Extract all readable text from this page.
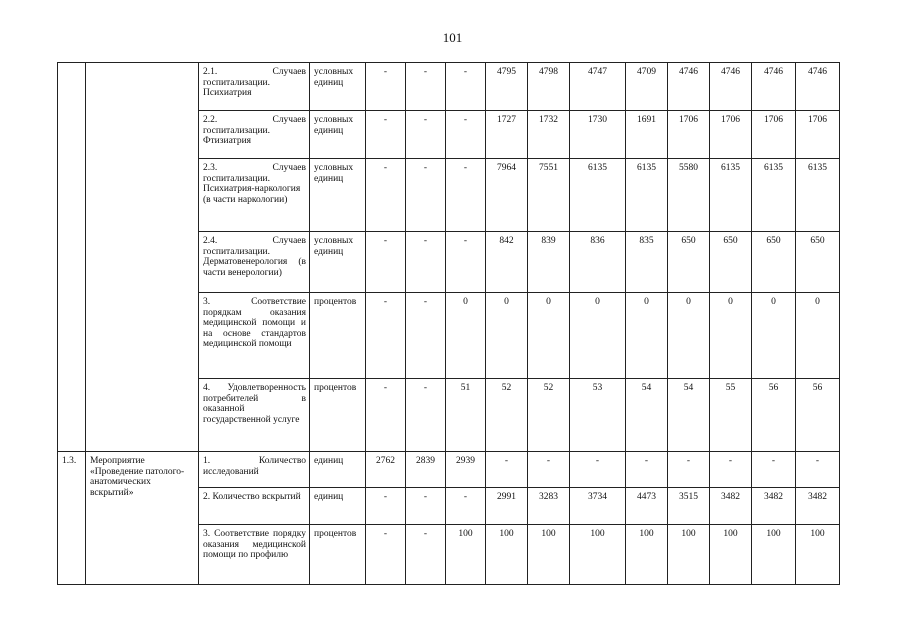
101
		2.1. Случаев госпитализации. Психиатрия	условных единиц	-	-	-	4795	4798	4747	4709	4746	4746	4746	4746
		2.2. Случаев госпитализации. Фтизиатрия	условных единиц	-	-	-	1727	1732	1730	1691	1706	1706	1706	1706
		2.3. Случаев госпитализации. Психиатрия-наркология (в части наркологии)	условных единиц	-	-	-	7964	7551	6135	6135	5580	6135	6135	6135
		2.4. Случаев госпитализации. Дерматовенерология (в части венерологии)	условных единиц	-	-	-	842	839	836	835	650	650	650	650
		3. Соответствие порядкам оказания медицинской помощи и на основе стандартов медицинской помощи	процентов	-	-	0	0	0	0	0	0	0	0	0
		4. Удовлетворенность потребителей в оказанной государственной услуге	процентов	-	-	51	52	52	53	54	54	55	56	56
1.3.	Мероприятие «Проведение патолого-анатомических вскрытий»	1. Количество исследований	единиц	2762	2839	2939	-	-	-	-	-	-	-	-
		2. Количество вскрытий	единиц	-	-	-	2991	3283	3734	4473	3515	3482	3482	3482
		3. Соответствие порядку оказания медицинской помощи по профилю	процентов	-	-	100	100	100	100	100	100	100	100	100
